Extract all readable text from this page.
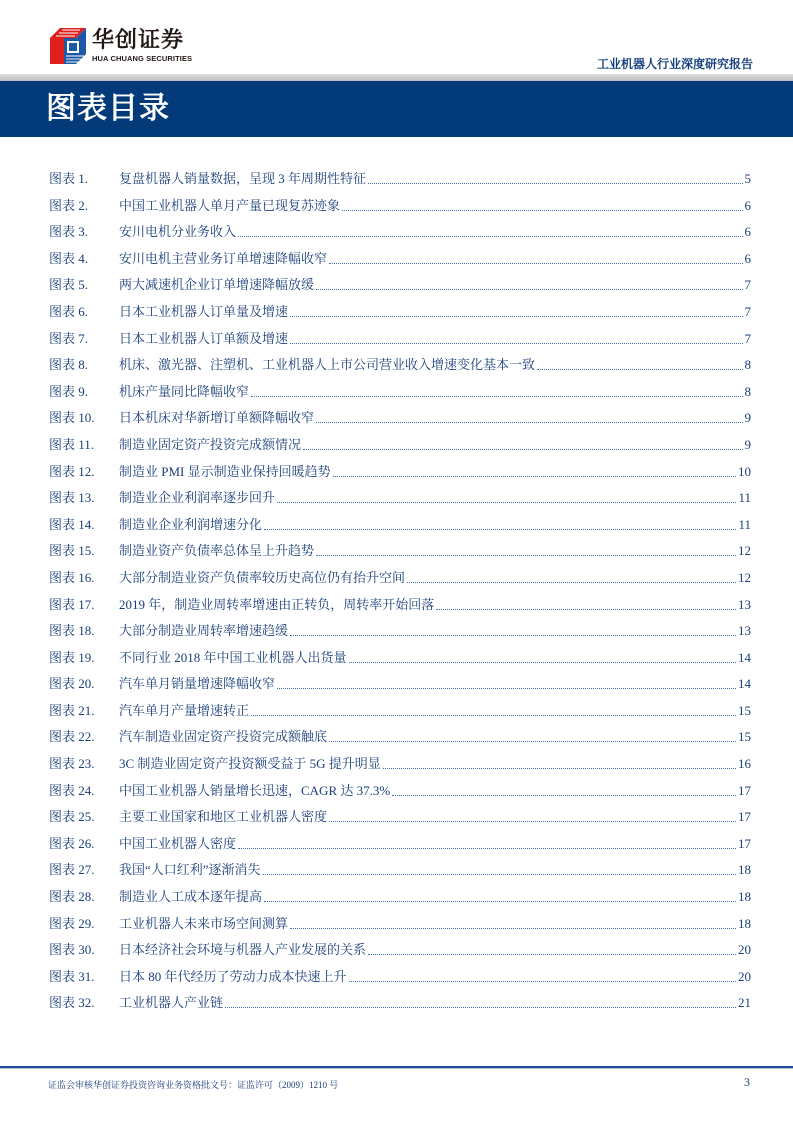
华创证券
HUA CHUANG SECURITIES	工业机器人行业深度研究报告
图表目录
图表 1.	复盘机器人销量数据，呈现 3 年周期性特征	5
图表 2.	中国工业机器人单月产量已现复苏迹象	6
图表 3.	安川电机分业务收入	6
图表 4.	安川电机主营业务订单增速降幅收窄	6
图表 5.	两大减速机企业订单增速降幅放缓	7
图表 6.	日本工业机器人订单量及增速	7
图表 7.	日本工业机器人订单额及增速	7
图表 8.	机床、激光器、注塑机、工业机器人上市公司营业收入增速变化基本一致	8
图表 9.	机床产量同比降幅收窄	8
图表 10.	日本机床对华新增订单额降幅收窄	9
图表 11.	制造业固定资产投资完成额情况	9
图表 12.	制造业 PMI 显示制造业保持回暖趋势	10
图表 13.	制造业企业利润率逐步回升	11
图表 14.	制造业企业利润增速分化	11
图表 15.	制造业资产负债率总体呈上升趋势	12
图表 16.	大部分制造业资产负债率较历史高位仍有抬升空间	12
图表 17.	2019 年，制造业周转率增速由正转负，周转率开始回落	13
图表 18.	大部分制造业周转率增速趋缓	13
图表 19.	不同行业 2018 年中国工业机器人出货量	14
图表 20.	汽车单月销量增速降幅收窄	14
图表 21.	汽车单月产量增速转正	15
图表 22.	汽车制造业固定资产投资完成额触底	15
图表 23.	3C 制造业固定资产投资额受益于 5G 提升明显	16
图表 24.	中国工业机器人销量增长迅速，CAGR 达 37.3%	17
图表 25.	主要工业国家和地区工业机器人密度	17
图表 26.	中国工业机器人密度	17
图表 27.	我国“人口红利”逐渐消失	18
图表 28.	制造业人工成本逐年提高	18
图表 29.	工业机器人未来市场空间测算	18
图表 30.	日本经济社会环境与机器人产业发展的关系	20
图表 31.	日本 80 年代经历了劳动力成本快速上升	20
图表 32.	工业机器人产业链	21
证监会审核华创证券投资咨询业务资格批文号：证监许可（2009）1210 号	3
